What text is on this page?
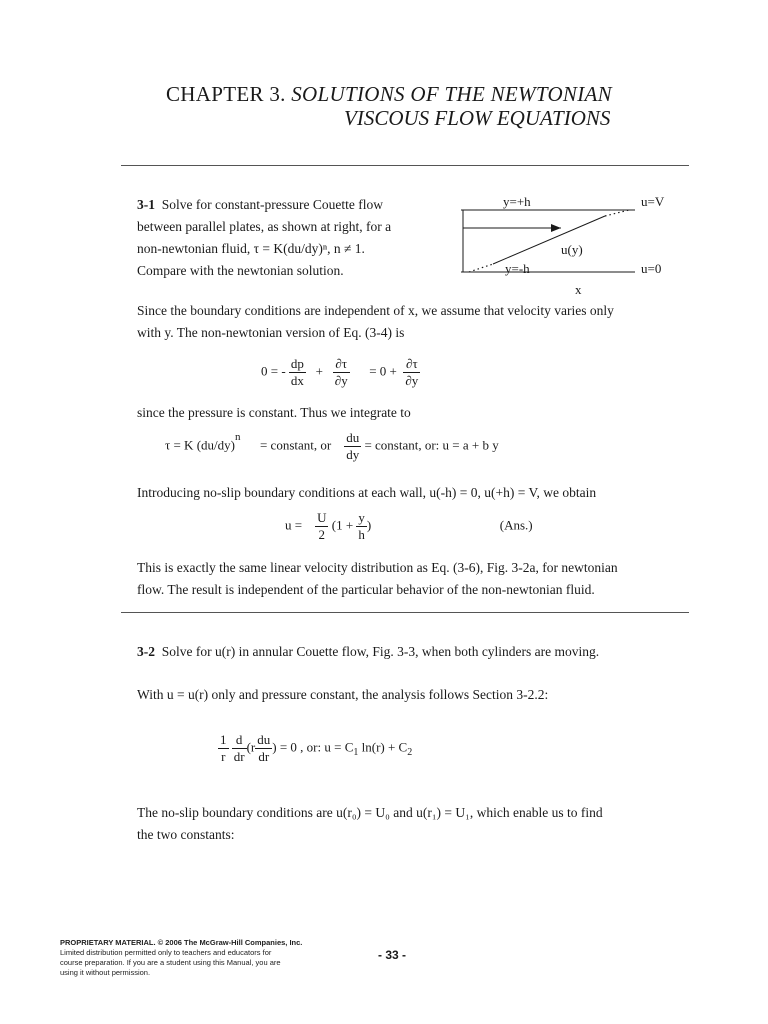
CHAPTER 3. SOLUTIONS OF THE NEWTONIAN
VISCOUS FLOW EQUATIONS
3-1 Solve for constant-pressure Couette flow
between parallel plates, as shown at right, for a
non-newtonian fluid, τ = K(du/dy)ⁿ, n ≠ 1.
Compare with the newtonian solution.
y=+h
y=-h
u=V
u=0
u(y)
x
Since the boundary conditions are independent of x, we assume that velocity varies only
with y. The non-newtonian version of Eq. (3-4) is
0 = - $\frac{dp}{dx} + \frac{\partial\tau}{\partial y} = 0 + \frac{\partial\tau}{\partial y}$
since the pressure is constant. Thus we integrate to
τ = K $(du/dy)^n$      = constant, or $\frac{du}{dy}$ = constant, or: u = a + b y
Introducing no-slip boundary conditions at each wall, u(-h) = 0, u(+h) = V, we obtain
$u = \frac{U}{2} (1 + \frac{y}{h}$ )	(Ans.)
This is exactly the same linear velocity distribution as Eq. (3-6), Fig. 3-2a, for newtonian
flow. The result is independent of the particular behavior of the non-newtonian fluid.
3-2 Solve for u(r) in annular Couette flow, Fig. 3-3, when both cylinders are moving.
With u = u(r) only and pressure constant, the analysis follows Section 3-2.2:
$\frac{1}{r}$
$\frac{d}{dr} (r \frac{du}{dr}$ ) = 0 , or: $u = C_1$ $\ln(r) + C_2$
The no-slip boundary conditions are u(r₀) = U₀ and u(r₁) = U₁, which enable us to find
the two constants:
PROPRIETARY MATERIAL. © 2006 The McGraw-Hill Companies, Inc.
Limited distribution permitted only to teachers and educators for
course preparation. If you are a student using this Manual, you are
using it without permission.
- 33 -
